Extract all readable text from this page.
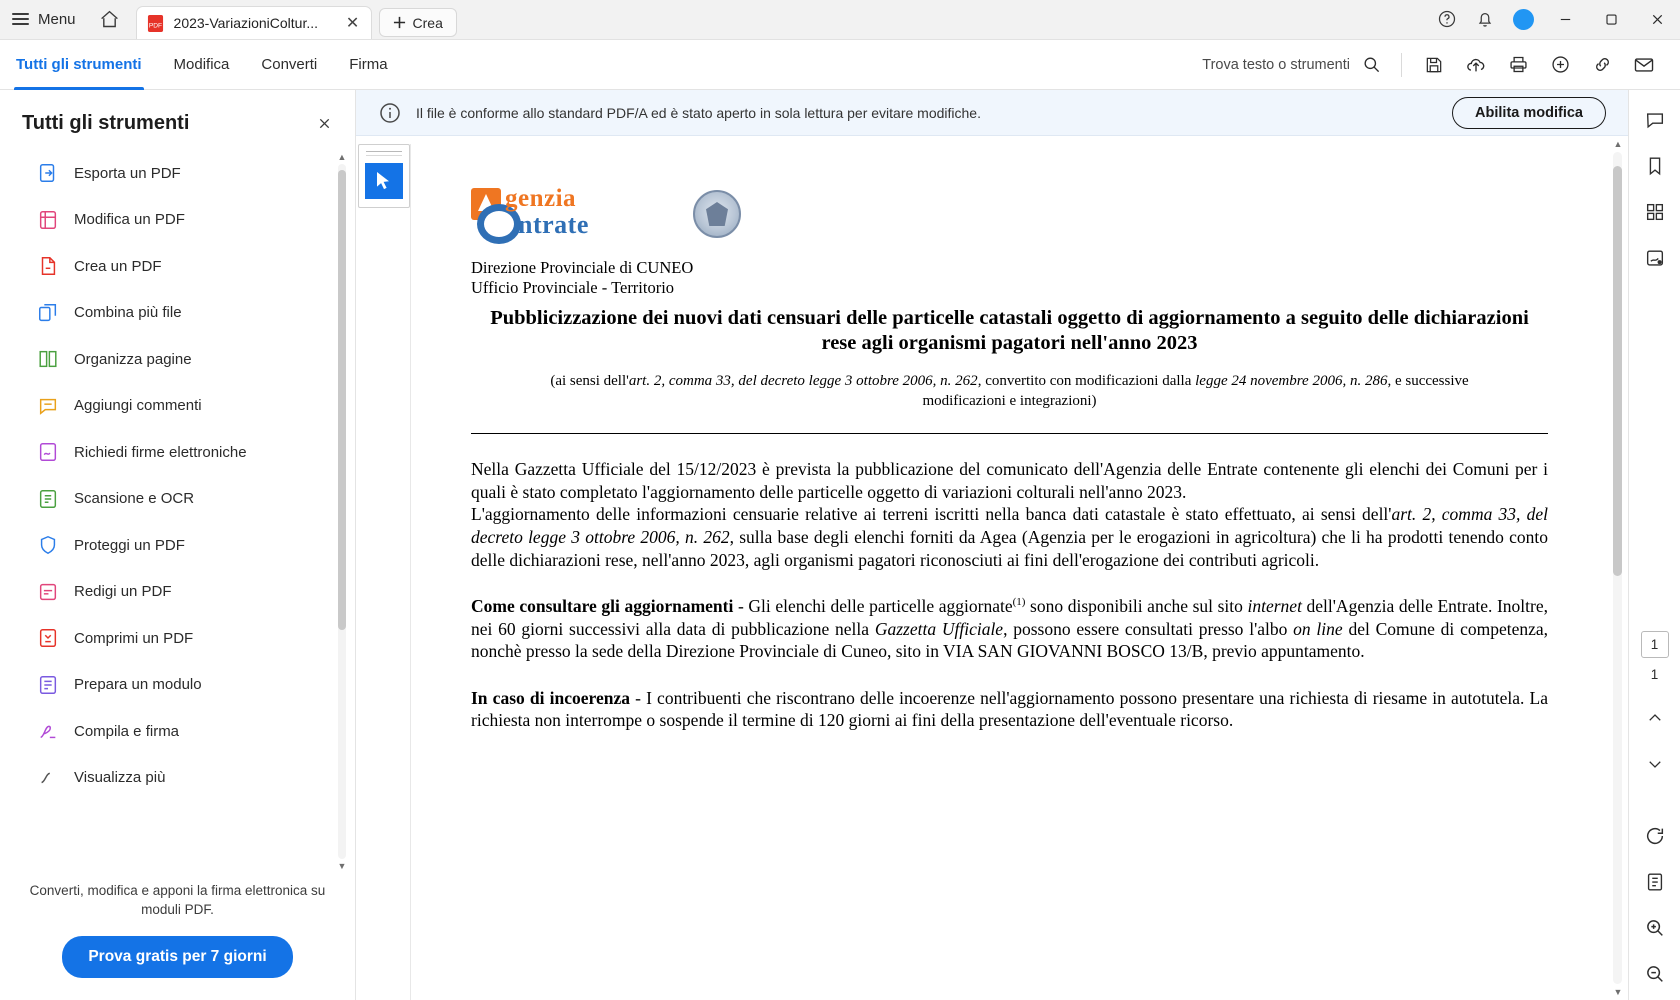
Menu	PDF 2023-VariazioniColtur...	✕	Crea
Tutti gli strumenti Modifica Converti Firma	Trova testo o strumenti
Tutti gli strumenti
Esporta un PDF
Modifica un PDF
Crea un PDF
Combina più file
Organizza pagine
Aggiungi commenti
Richiedi firme elettroniche
Scansione e OCR
Proteggi un PDF
Redigi un PDF
Comprimi un PDF
Prepara un modulo
Compila e firma
Visualizza più
▲
▼
Converti, modifica e apponi la firma elettronica su moduli PDF.
Prova gratis per 7 giorni
Il file è conforme allo standard PDF/A ed è stato aperto in sola lettura per evitare modifiche.	Abilita modifica
genzia
ntrate
Direzione Provinciale di CUNEO
Ufficio Provinciale - Territorio
Pubblicizzazione dei nuovi dati censuari delle particelle catastali oggetto di aggiornamento a seguito delle dichiarazioni rese agli organismi pagatori nell'anno 2023
(ai sensi dell'art. 2, comma 33, del decreto legge 3 ottobre 2006, n. 262, convertito con modificazioni dalla legge 24 novembre 2006, n. 286, e successive modificazioni e integrazioni)
Nella Gazzetta Ufficiale del 15/12/2023 è prevista la pubblicazione del comunicato dell'Agenzia delle Entrate contenente gli elenchi dei Comuni per i quali è stato completato l'aggiornamento delle particelle oggetto di variazioni colturali nell'anno 2023.
L'aggiornamento delle informazioni censuarie relative ai terreni iscritti nella banca dati catastale è stato effettuato, ai sensi dell'art. 2, comma 33, del decreto legge 3 ottobre 2006, n. 262, sulla base degli elenchi forniti da Agea (Agenzia per le erogazioni in agricoltura) che li ha prodotti tenendo conto delle dichiarazioni rese, nell'anno 2023, agli organismi pagatori riconosciuti ai fini dell'erogazione dei contributi agricoli.
Come consultare gli aggiornamenti - Gli elenchi delle particelle aggiornate$^{(1)}$ sono disponibili anche sul sito internet dell'Agenzia delle Entrate. Inoltre, nei 60 giorni successivi alla data di pubblicazione nella Gazzetta Ufficiale, possono essere consultati presso l'albo on line del Comune di competenza, nonchè presso la sede della Direzione Provinciale di Cuneo, sito in VIA SAN GIOVANNI BOSCO 13/B, previo appuntamento.
In caso di incoerenza - I contribuenti che riscontrano delle incoerenze nell'aggiornamento possono presentare una richiesta di riesame in autotutela. La richiesta non interrompe o sospende il termine di 120 giorni ai fini della presentazione dell'eventuale ricorso.
▲
▼
1
1
